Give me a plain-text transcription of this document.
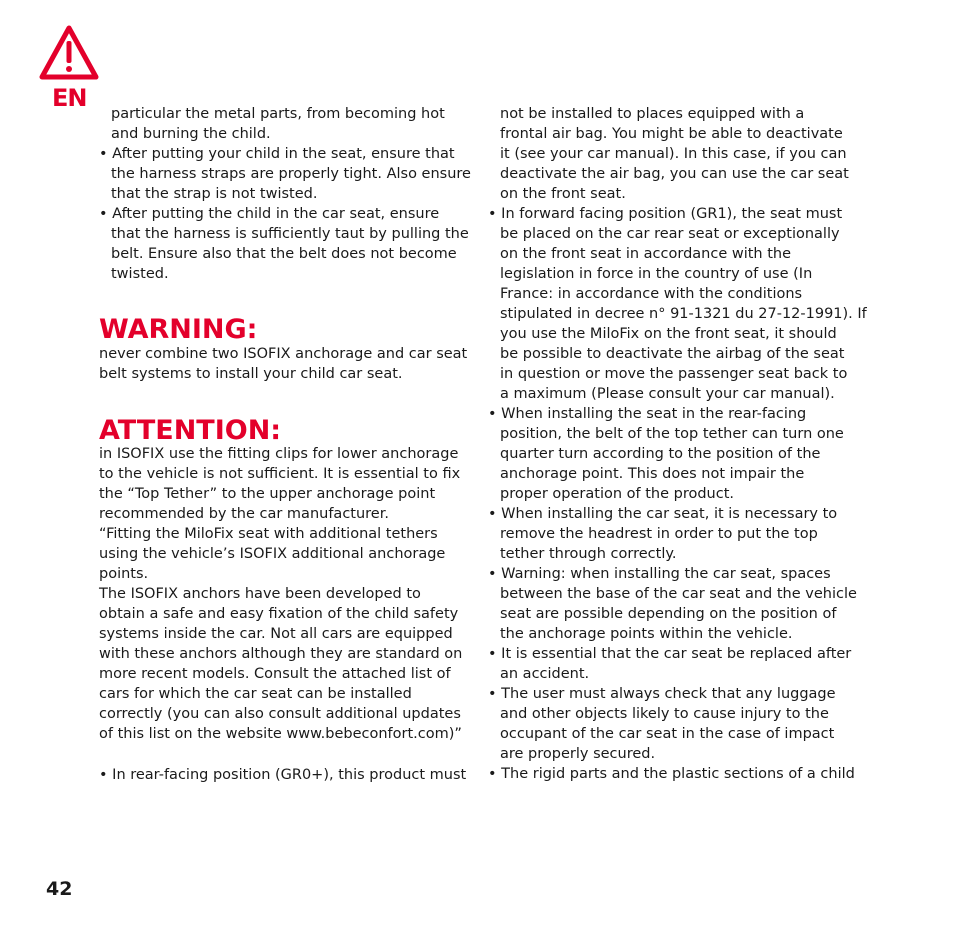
EN
particular the metal parts, from becoming hot
and burning the child.
• After putting your child in the seat, ensure that
the harness straps are properly tight. Also ensure
that the strap is not twisted.
• After putting the child in the car seat, ensure
that the harness is sufficiently taut by pulling the
belt. Ensure also that the belt does not become
twisted.
WARNING:
never combine two ISOFIX anchorage and car seat
belt systems to install your child car seat.
ATTENTION:
in ISOFIX use the fitting clips for lower anchorage
to the vehicle is not sufficient. It is essential to fix
the “Top Tether” to the upper anchorage point
recommended by the car manufacturer.
“Fitting the MiloFix seat with additional tethers
using the vehicle’s ISOFIX additional anchorage
points.
The ISOFIX anchors have been developed to
obtain a safe and easy fixation of the child safety
systems inside the car. Not all cars are equipped
with these anchors although they are standard on
more recent models. Consult the attached list of
cars for which the car seat can be installed
correctly (you can also consult additional updates
of this list on the website www.bebeconfort.com)”
• In rear-facing position (GR0+), this product must
not be installed to places equipped with a
frontal air bag. You might be able to deactivate
it (see your car manual). In this case, if you can
deactivate the air bag, you can use the car seat
on the front seat.
• In forward facing position (GR1), the seat must
be placed on the car rear seat or exceptionally
on the front seat in accordance with the
legislation in force in the country of use (In
France: in accordance with the conditions
stipulated in decree n° 91-1321 du 27-12-1991). If
you use the MiloFix on the front seat, it should
be possible to deactivate the airbag of the seat
in question or move the passenger seat back to
a maximum (Please consult your car manual).
• When installing the seat in the rear-facing
position, the belt of the top tether can turn one
quarter turn according to the position of the
anchorage point. This does not impair the
proper operation of the product.
• When installing the car seat, it is necessary to
remove the headrest in order to put the top
tether through correctly.
• Warning: when installing the car seat, spaces
between the base of the car seat and the vehicle
seat are possible depending on the position of
the anchorage points within the vehicle.
• It is essential that the car seat be replaced after
an accident.
• The user must always check that any luggage
and other objects likely to cause injury to the
occupant of the car seat in the case of impact
are properly secured.
• The rigid parts and the plastic sections of a child
42
